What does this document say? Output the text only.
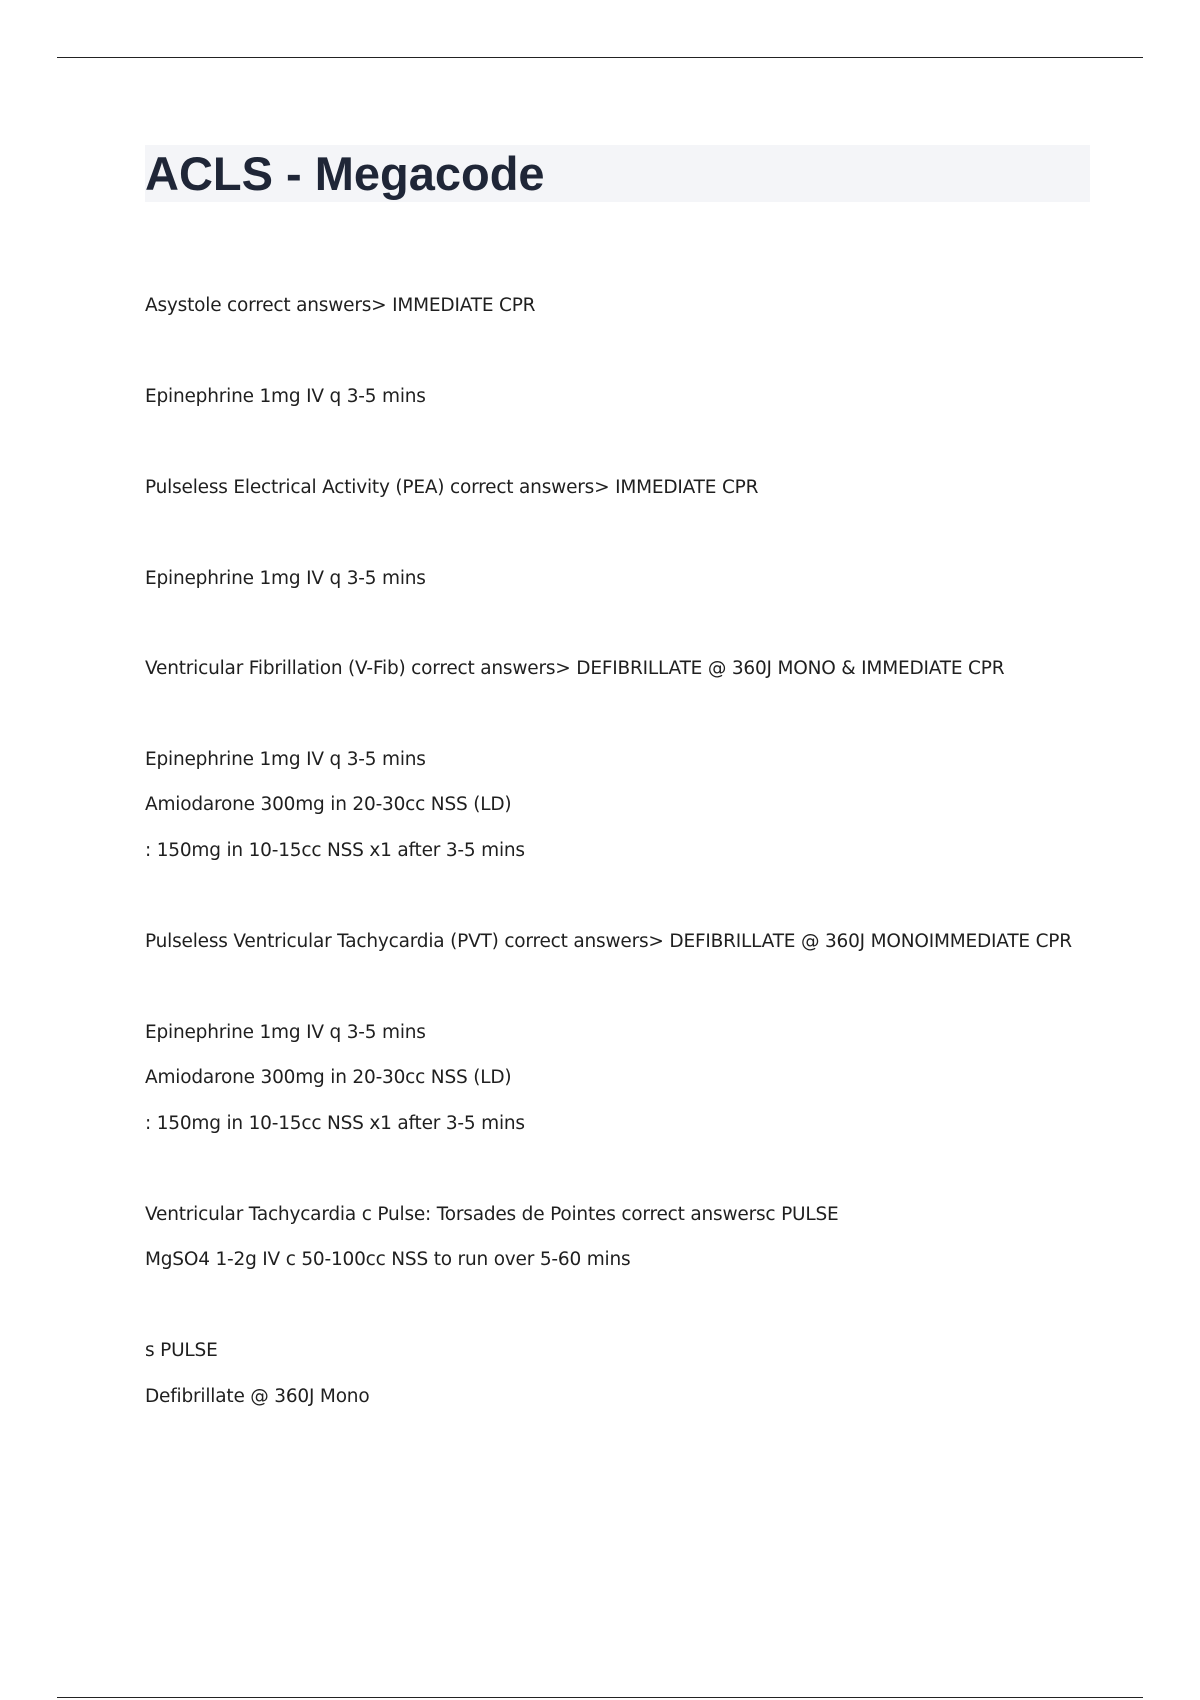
ACLS - Megacode

Asystole correct answers> IMMEDIATE CPR

Epinephrine 1mg IV q 3-5 mins

Pulseless Electrical Activity (PEA) correct answers> IMMEDIATE CPR

Epinephrine 1mg IV q 3-5 mins

Ventricular Fibrillation (V-Fib) correct answers> DEFIBRILLATE @ 360J MONO & IMMEDIATE CPR

Epinephrine 1mg IV q 3-5 mins

Amiodarone 300mg in 20-30cc NSS (LD)

: 150mg in 10-15cc NSS x1 after 3-5 mins

Pulseless Ventricular Tachycardia (PVT) correct answers> DEFIBRILLATE @ 360J MONOIMMEDIATE CPR

Epinephrine 1mg IV q 3-5 mins

Amiodarone 300mg in 20-30cc NSS (LD)

: 150mg in 10-15cc NSS x1 after 3-5 mins

Ventricular Tachycardia c Pulse: Torsades de Pointes correct answersc PULSE

MgSO4 1-2g IV c 50-100cc NSS to run over 5-60 mins

s PULSE

Defibrillate @ 360J Mono
